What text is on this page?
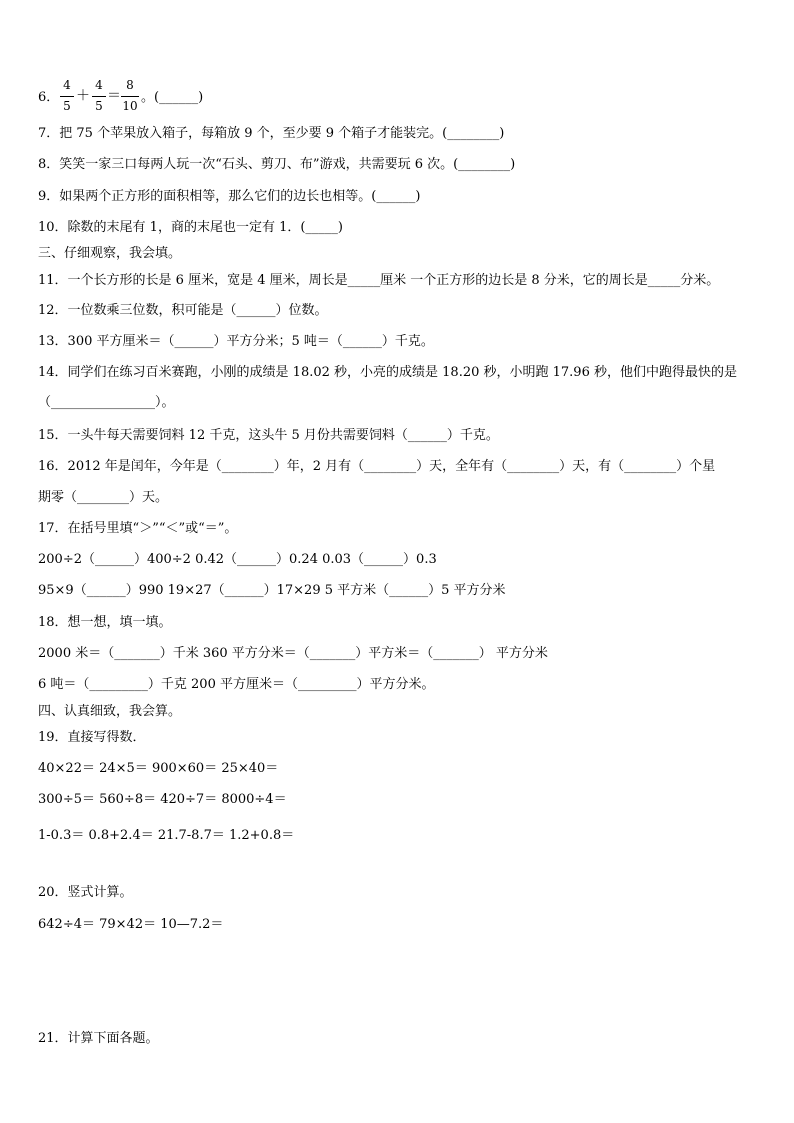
6．
4
5
＋
4
5
＝
8
10
。(______)
7．把 75 个苹果放入箱子，每箱放 9 个，至少要 9 个箱子才能装完。(________)
8．笑笑一家三口每两人玩一次“石头、剪刀、布”游戏，共需要玩 6 次。(________)
9．如果两个正方形的面积相等，那么它们的边长也相等。(______)
10．除数的末尾有 1，商的末尾也一定有 1．(_____)
三、仔细观察，我会填。
11．一个长方形的长是 6 厘米，宽是 4 厘米，周长是_____厘米 一个正方形的边长是 8 分米，它的周长是_____分米。
12．一位数乘三位数，积可能是（______）位数。
13．300 平方厘米＝（______）平方分米；5 吨＝（______）千克。
14．同学们在练习百米赛跑，小刚的成绩是 18.02 秒，小亮的成绩是 18.20 秒，小明跑 17.96 秒，他们中跑得最快的是
（________________）。
15．一头牛每天需要饲料 12 千克，这头牛 5 月份共需要饲料（______）千克。
16．2012 年是闰年，今年是（________）年，2 月有（________）天，全年有（________）天，有（________）个星
期零（________）天。
17．在括号里填“＞”“＜”或“＝”。
200÷2（______）400÷2 0.42（______）0.24 0.03（______）0.3
95×9（______）990 19×27（______）17×29 5 平方米（______）5 平方分米
18．想一想，填一填。
2000 米＝（_______）千米 360 平方分米＝（_______）平方米＝（_______） 平方分米
6 吨＝（_________）千克 200 平方厘米＝（_________）平方分米。
四、认真细致，我会算。
19．直接写得数．
40×22＝ 24×5＝ 900×60＝ 25×40＝
300÷5＝ 560÷8＝ 420÷7＝ 8000÷4＝
1-0.3＝ 0.8+2.4＝ 21.7-8.7＝ 1.2+0.8＝
20．竖式计算。
642÷4＝ 79×42＝ 10—7.2＝
21．计算下面各题。
